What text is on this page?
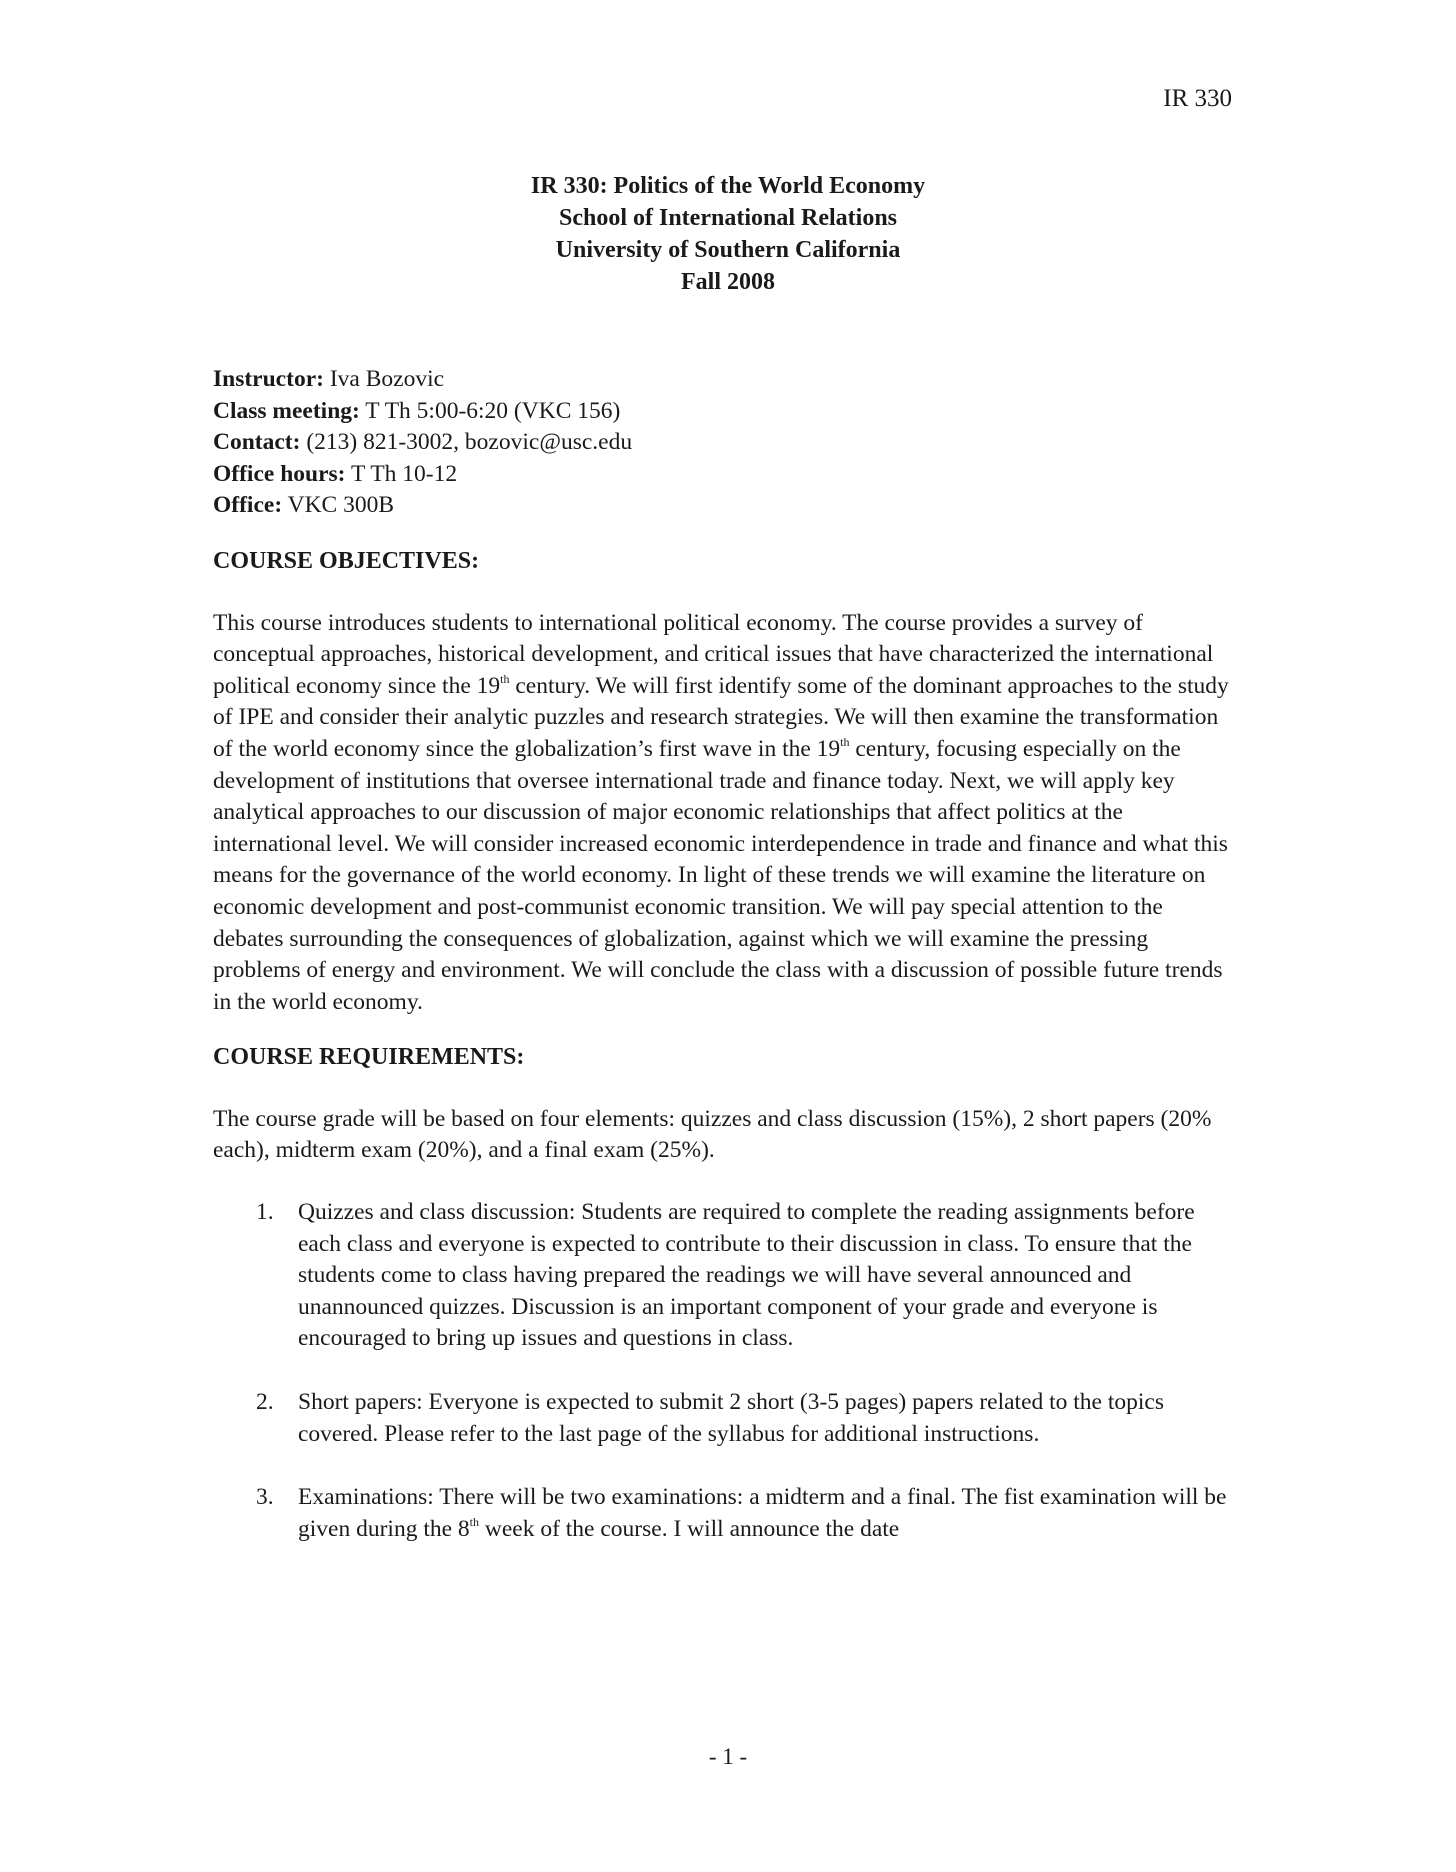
IR 330
IR 330: Politics of the World Economy
School of International Relations
University of Southern California
Fall 2008
Instructor: Iva Bozovic
Class meeting: T Th 5:00-6:20 (VKC 156)
Contact: (213) 821-3002, bozovic@usc.edu
Office hours: T Th 10-12
Office: VKC 300B
COURSE OBJECTIVES:

This course introduces students to international political economy. The course provides a survey of conceptual approaches, historical development, and critical issues that have characterized the international political economy since the 19th century. We will first identify some of the dominant approaches to the study of IPE and consider their analytic puzzles and research strategies. We will then examine the transformation of the world economy since the globalization’s first wave in the 19th century, focusing especially on the development of institutions that oversee international trade and finance today. Next, we will apply key analytical approaches to our discussion of major economic relationships that affect politics at the international level. We will consider increased economic interdependence in trade and finance and what this means for the governance of the world economy. In light of these trends we will examine the literature on economic development and post-communist economic transition. We will pay special attention to the debates surrounding the consequences of globalization, against which we will examine the pressing problems of energy and environment. We will conclude the class with a discussion of possible future trends in the world economy.

COURSE REQUIREMENTS:

The course grade will be based on four elements: quizzes and class discussion (15%), 2 short papers (20% each), midterm exam (20%), and a final exam (25%).

1. Quizzes and class discussion: Students are required to complete the reading assignments before each class and everyone is expected to contribute to their discussion in class. To ensure that the students come to class having prepared the readings we will have several announced and unannounced quizzes. Discussion is an important component of your grade and everyone is encouraged to bring up issues and questions in class.
2. Short papers: Everyone is expected to submit 2 short (3-5 pages) papers related to the topics covered. Please refer to the last page of the syllabus for additional instructions.
3. Examinations: There will be two examinations: a midterm and a final. The fist examination will be given during the 8th week of the course. I will announce the date
- 1 -
